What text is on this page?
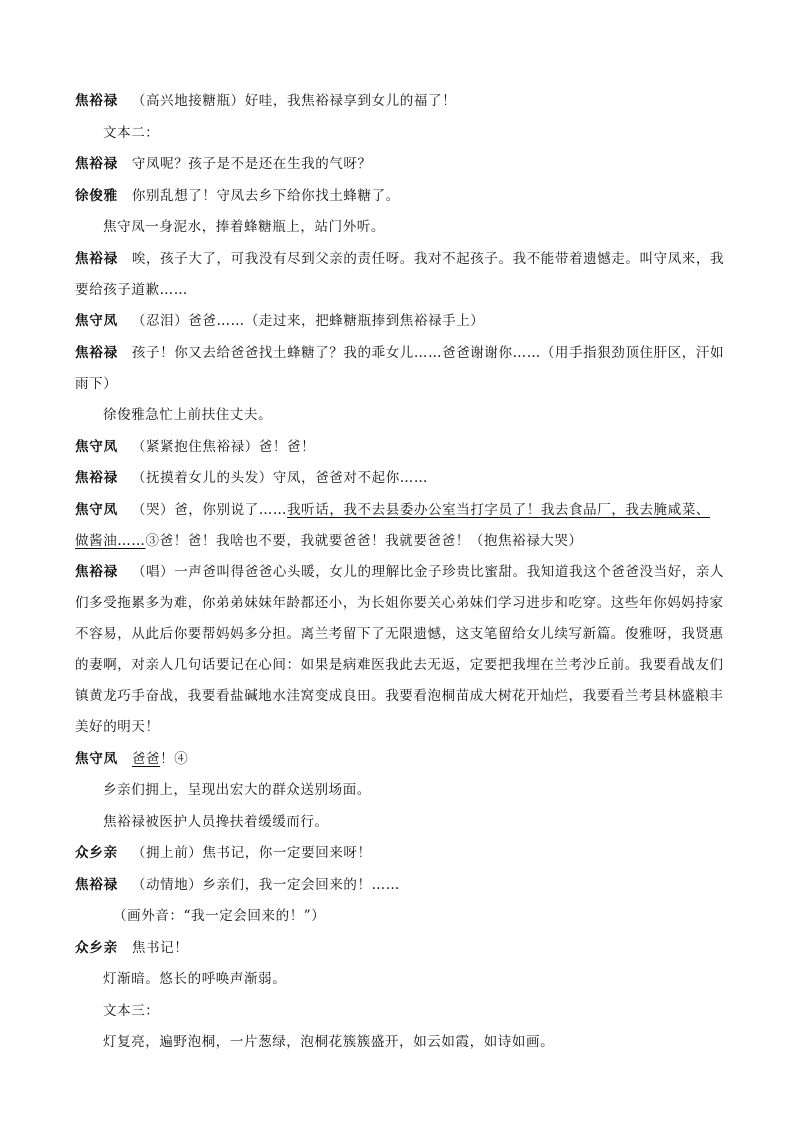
焦裕禄 （高兴地接糖瓶）好哇，我焦裕禄享到女儿的福了！
文本二：
焦裕禄 守凤呢？孩子是不是还在生我的气呀？
徐俊雅 你别乱想了！守凤去乡下给你找土蜂糖了。
焦守凤一身泥水，捧着蜂糖瓶上，站门外听。
焦裕禄 唉，孩子大了，可我没有尽到父亲的责任呀。我对不起孩子。我不能带着遗憾走。叫守凤来，我
要给孩子道歉……
焦守凤 （忍泪）爸爸……（走过来，把蜂糖瓶捧到焦裕禄手上）
焦裕禄 孩子！你又去给爸爸找土蜂糖了？我的乖女儿……爸爸谢谢你……（用手指狠劲顶住肝区，汗如
雨下）
徐俊雅急忙上前扶住丈夫。
焦守凤 （紧紧抱住焦裕禄）爸！爸！
焦裕禄 （抚摸着女儿的头发）守凤，爸爸对不起你……
焦守凤 （哭）爸，你别说了……我听话，我不去县委办公室当打字员了！我去食品厂，我去腌咸菜、
做酱油……③爸！爸！我啥也不要，我就要爸爸！我就要爸爸！（抱焦裕禄大哭）
焦裕禄 （唱）一声爸叫得爸爸心头暖，女儿的理解比金子珍贵比蜜甜。我知道我这个爸爸没当好，亲人
们多受拖累多为难，你弟弟妹妹年龄都还小，为长姐你要关心弟妹们学习进步和吃穿。这些年你妈妈持家
不容易，从此后你要帮妈妈多分担。离兰考留下了无限遗憾，这支笔留给女儿续写新篇。俊雅呀，我贤惠
的妻啊，对亲人几句话要记在心间：如果是病难医我此去无返，定要把我埋在兰考沙丘前。我要看战友们
镇黄龙巧手奋战，我要看盐碱地水洼窝变成良田。我要看泡桐苗成大树花开灿烂，我要看兰考县林盛粮丰
美好的明天！
焦守凤 爸爸！④
乡亲们拥上，呈现出宏大的群众送别场面。
焦裕禄被医护人员搀扶着缓缓而行。
众乡亲 （拥上前）焦书记，你一定要回来呀！
焦裕禄 （动情地）乡亲们，我一定会回来的！……
（画外音：“我一定会回来的！”）
众乡亲 焦书记！
灯渐暗。悠长的呼唤声渐弱。
文本三：
灯复亮，遍野泡桐，一片葱绿，泡桐花簇簇盛开，如云如霞，如诗如画。
